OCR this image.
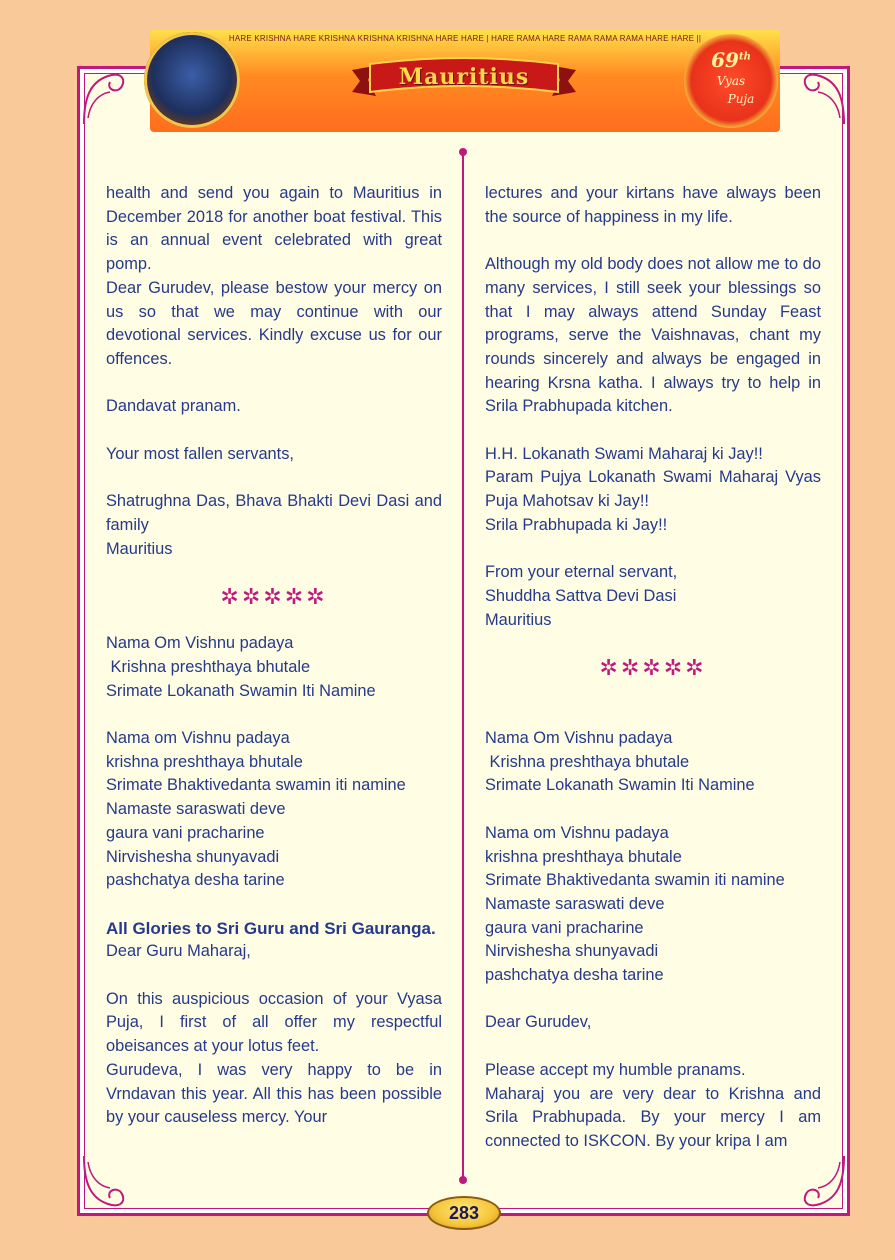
HARE KRISHNA HARE KRISHNA KRISHNA KRISHNA HARE HARE | HARE RAMA HARE RAMA RAMA RAMA HARE HARE ||
Mauritius
69th
Vyas
Puja

health and send you again to Mauritius in December 2018 for another boat festival. This is an annual event celebrated with great pomp.

Dear Gurudev, please bestow your mercy on us so that we may continue with our devotional services. Kindly excuse us for our offences.

Dandavat pranam.

Your most fallen servants,

Shatrughna Das, Bhava Bhakti Devi Dasi and family

Mauritius

✲✲✲✲✲

Nama Om Vishnu padaya

Krishna preshthaya bhutale

Srimate Lokanath Swamin Iti Namine

Nama om Vishnu padaya

krishna preshthaya bhutale

Srimate Bhaktivedanta swamin iti namine

Namaste saraswati deve

gaura vani pracharine

Nirvishesha shunyavadi

pashchatya desha tarine

All Glories to Sri Guru and Sri Gauranga.

Dear Guru Maharaj,

On this auspicious occasion of your Vyasa Puja, I first of all offer my respectful obeisances at your lotus feet.

Gurudeva, I was very happy to be in Vrndavan this year. All this has been possible by your causeless mercy. Your

lectures and your kirtans have always been the source of happiness in my life.

Although my old body does not allow me to do many services, I still seek your blessings so that I may always attend Sunday Feast programs, serve the Vaishnavas, chant my rounds sincerely and always be engaged in hearing Krsna katha. I always try to help in Srila Prabhupada kitchen.

H.H. Lokanath Swami Maharaj ki Jay!!

Param Pujya Lokanath Swami Maharaj Vyas Puja Mahotsav ki Jay!!

Srila Prabhupada ki Jay!!

From your eternal servant,

Shuddha Sattva Devi Dasi

Mauritius

✲✲✲✲✲

Nama Om Vishnu padaya

Krishna preshthaya bhutale

Srimate Lokanath Swamin Iti Namine

Nama om Vishnu padaya

krishna preshthaya bhutale

Srimate Bhaktivedanta swamin iti namine

Namaste saraswati deve

gaura vani pracharine

Nirvishesha shunyavadi

pashchatya desha tarine

Dear Gurudev,

Please accept my humble pranams.

Maharaj you are very dear to Krishna and Srila Prabhupada. By your mercy I am connected to ISKCON. By your kripa I am

283
